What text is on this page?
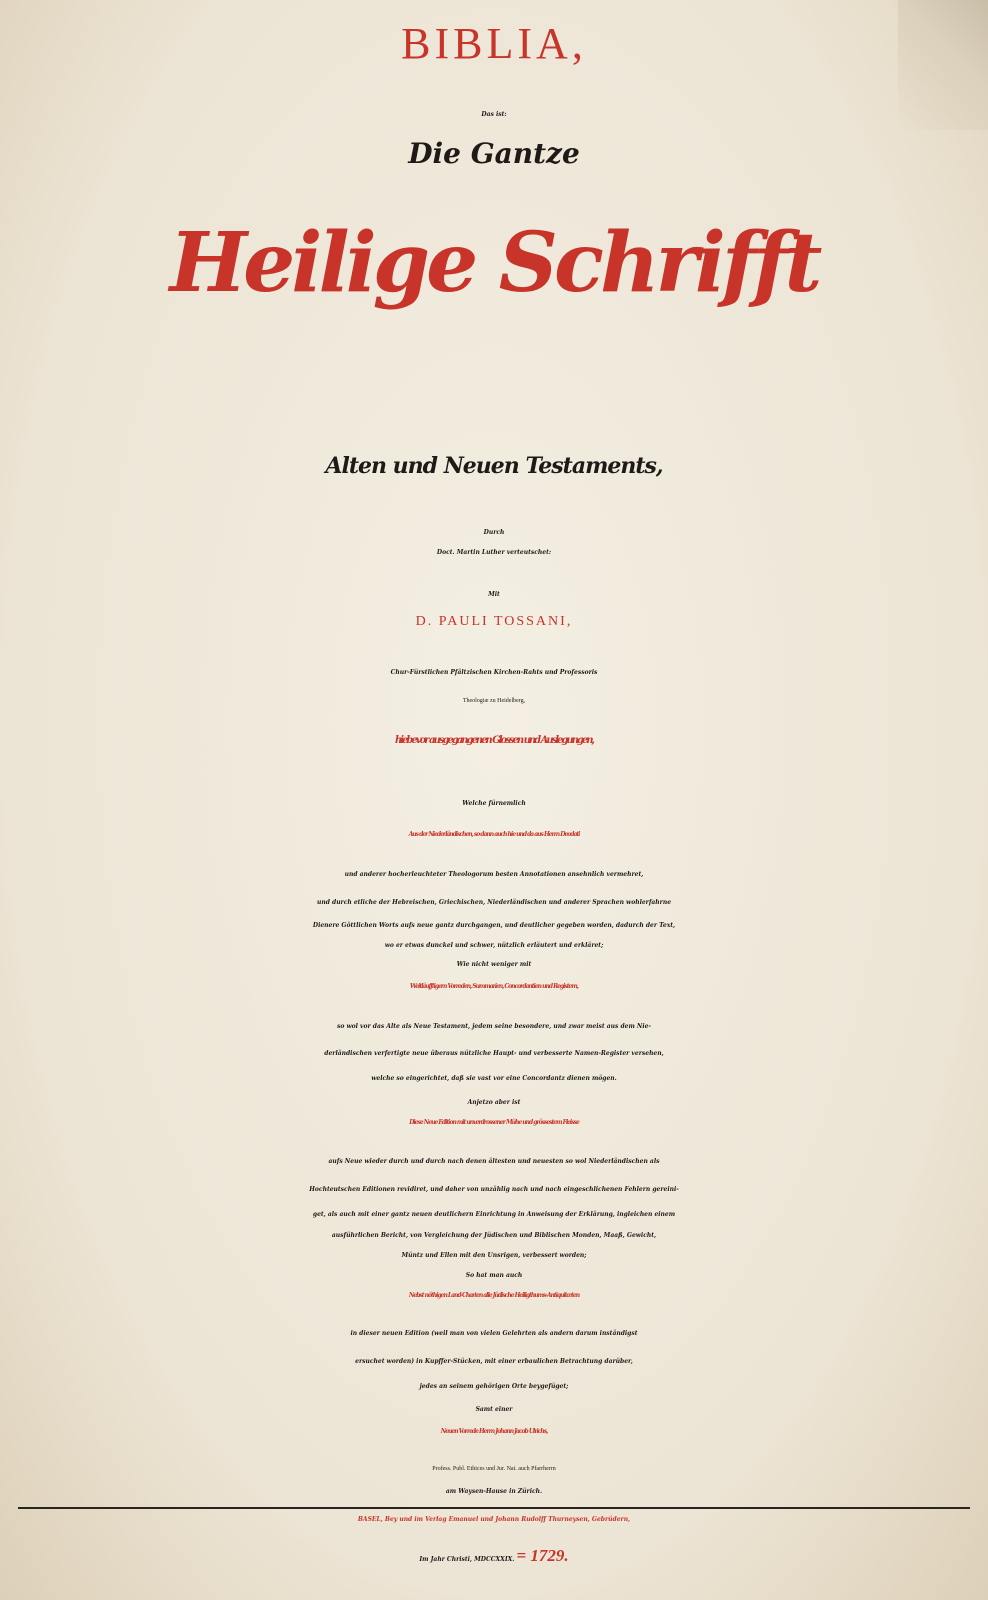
BIBLIA,
Das ist:
Die Gantze
Heilige Schrifft
Alten und Neuen Testaments,
Durch
Doct. Martin Luther verteutschet:
Mit
D. PAULI TOSSANI,
Chur-Fürstlichen Pfältzischen Kirchen-Rahts und Professoris
Theologiæ zu Heidelberg,
hiebevor ausgegangenen Glossen und Auslegungen,
Welche fürnemlich
Aus der Niederländischen, so dann auch hie und da aus Herrn Deodati
und anderer hocherleuchteter Theologorum besten Annotationen ansehnlich vermehret,
und durch etliche der Hebreischen, Griechischen, Niederländischen und anderer Sprachen wohlerfahrne
Dienere Göttlichen Worts aufs neue gantz durchgangen, und deutlicher gegeben worden, dadurch der Text,
wo er etwas dunckel und schwer, nützlich erläutert und erkläret;
Wie nicht weniger mit
Weitläufftigern Vorreden, Summarien, Concordantien und Registern,
so wol vor das Alte als Neue Testament, jedem seine besondere, und zwar meist aus dem Nie-
derländischen verfertigte neue überaus nützliche Haupt- und verbesserte Namen-Register versehen,
welche so eingerichtet, daß sie vast vor eine Concordantz dienen mögen.
Anjetzo aber ist
Diese Neue Edition mit unverdrossener Mühe und grössestem Fleisse
aufs Neue wieder durch und durch nach denen ältesten und neuesten so wol Niederländischen als
Hochteutschen Editionen revidiret, und daher von unzählig nach und nach eingeschlichenen Fehlern gereini-
get, als auch mit einer gantz neuen deutlichern Einrichtung in Anweisung der Erklärung, ingleichen einem
ausführlichen Bericht, von Vergleichung der Jüdischen und Biblischen Monden, Maaß, Gewicht,
Müntz und Ellen mit den Unsrigen, verbessert worden;
So hat man auch
Nebst nöthigen Land-Charten alle Jüdische Heiligthums-Antiquitæten
in dieser neuen Edition (weil man von vielen Gelehrten als andern darum inständigst
ersuchet worden) in Kupffer-Stücken, mit einer erbaulichen Betrachtung darüber,
jedes an seinem gehörigen Orte beygefüget;
Samt einer
Neuen Vorrede Herrn Johann Jacob Ulrichs,
Profess. Publ. Ethices und Jur. Nat. auch Pfarrherrn
am Waysen-Hause in Zürich.
BASEL, Bey und im Verlag Emanuel und Johann Rudolff Thurneysen, Gebrüdern,
Im Jahr Christi, MDCCXXIX. = 1729.
